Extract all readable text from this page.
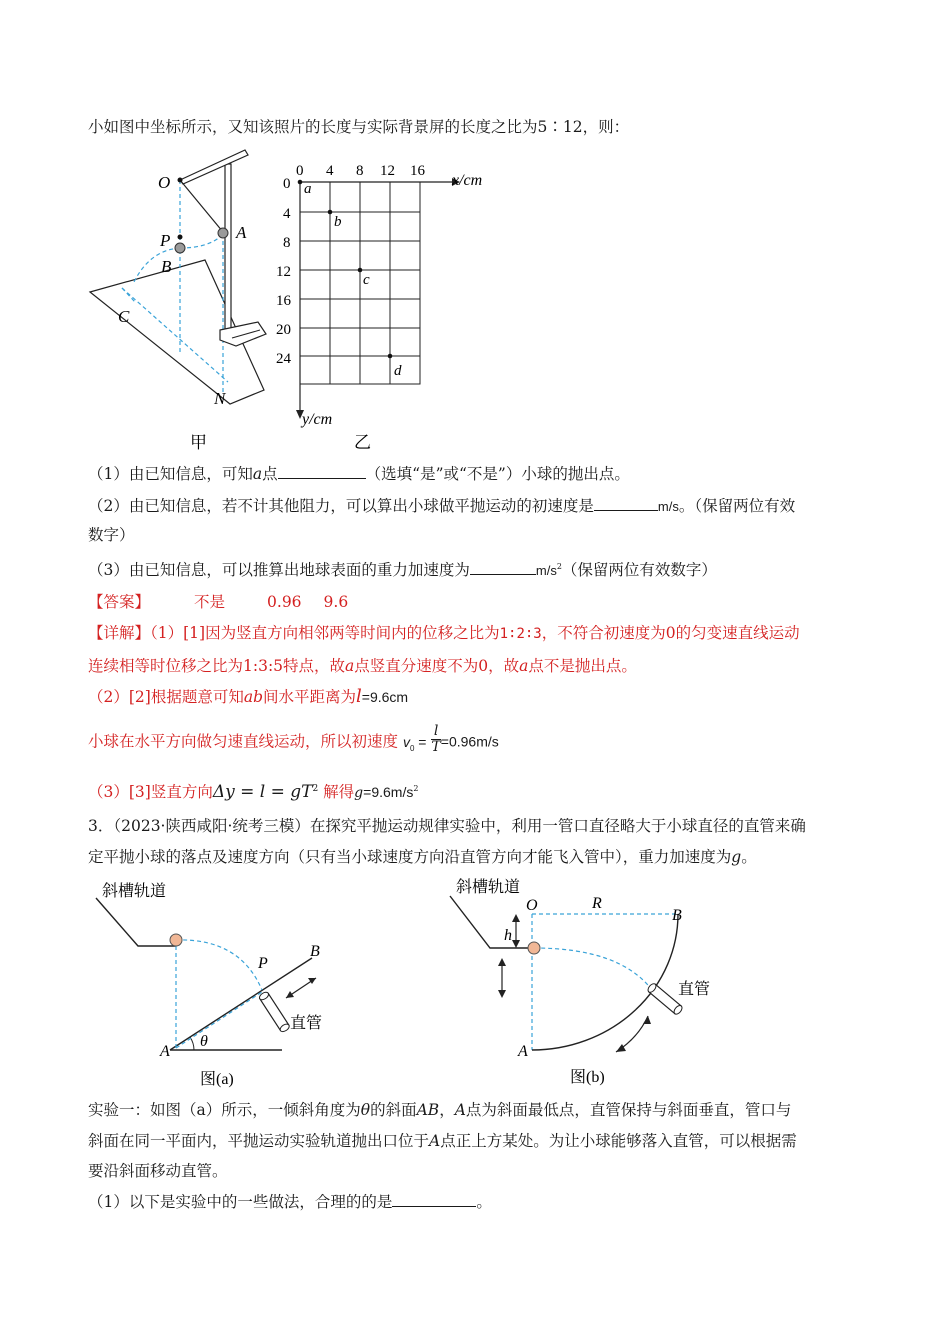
小如图中坐标所示，又知该照片的长度与实际背景屏的长度之比为5∶12，则：
O
P
B
A
C
N
甲
0 4 8 12 16
x/cm
0
4
8
12
16
20
24
y/cm
a
b
c
d
乙
（1）由已知信息，可知a点	（选填“是”或“不是”）小球的抛出点。
（2）由已知信息，若不计其他阻力，可以算出小球做平抛运动的初速度是	m/s。（保留两位有效
数字）
（3）由已知信息，可以推算出地球表面的重力加速度为	$m/s^2$（保留两位有效数字）
【答案】	不是	0.96 9.6
【详解】（1）[1]因为竖直方向相邻两等时间内的位移之比为1∶2∶3，不符合初速度为0的匀变速直线运动
连续相等时位移之比为1:3:5特点，故a点竖直分速度不为0，故a点不是抛出点。
（2）[2]根据题意可知ab间水平距离为l=9.6cm
小球在水平方向做匀速直线运动，所以初速度 $v_0 = \frac{l}{T} =0.96m/s$
（3）[3]竖直方向$\Delta y = l = gT^2$ 解得$g=9.6m/s^2$
3．（2023·陕西咸阳·统考三模）在探究平抛运动规律实验中，利用一管口直径略大于小球直径的直管来确
定平抛小球的落点及速度方向（只有当小球速度方向沿直管方向才能飞入管中），重力加速度为g。
斜槽轨道
P
B
A
θ
直管
图(a)
斜槽轨道
O	R
B
h
A
直管
图(b)
实验一：如图（a）所示，一倾斜角度为θ的斜面AB，A点为斜面最低点，直管保持与斜面垂直，管口与
斜面在同一平面内，平抛运动实验轨道抛出口位于A点正上方某处。为让小球能够落入直管，可以根据需
要沿斜面移动直管。
（1）以下是实验中的一些做法，合理的的是	。
